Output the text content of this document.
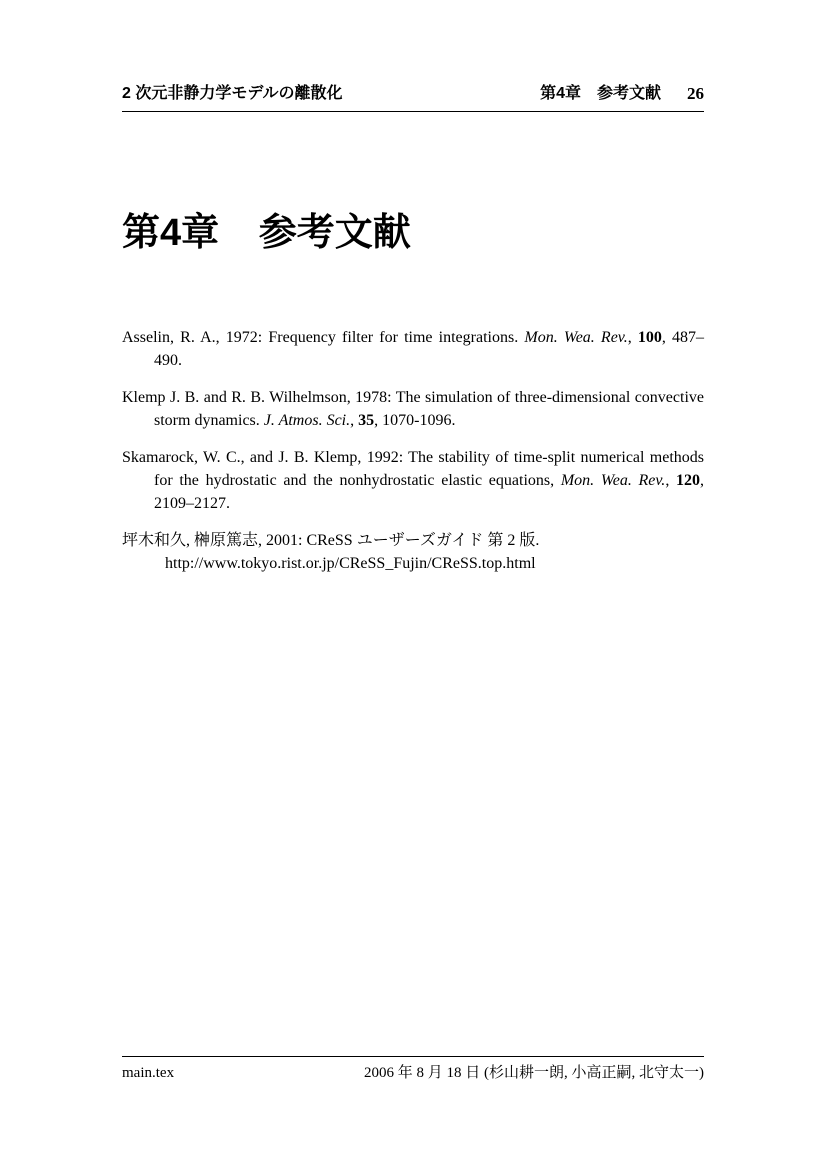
2 次元非静力学モデルの離散化	第4章　参考文献 26
第4章 参考文献

Asselin, R. A., 1972: Frequency filter for time integrations. Mon. Wea. Rev., 100, 487–490.

Klemp J. B. and R. B. Wilhelmson, 1978: The simulation of three-dimensional convective storm dynamics. J. Atmos. Sci., 35, 1070-1096.

Skamarock, W. C., and J. B. Klemp, 1992: The stability of time-split numerical methods for the hydrostatic and the nonhydrostatic elastic equations, Mon. Wea. Rev., 120, 2109–2127.

坪木和久, 榊原篤志, 2001: CReSS ユーザーズガイド 第 2 版.
http://www.tokyo.rist.or.jp/CReSS_Fujin/CReSS.top.html

main.tex	2006 年 8 月 18 日 (杉山耕一朗, 小高正嗣, 北守太一)
